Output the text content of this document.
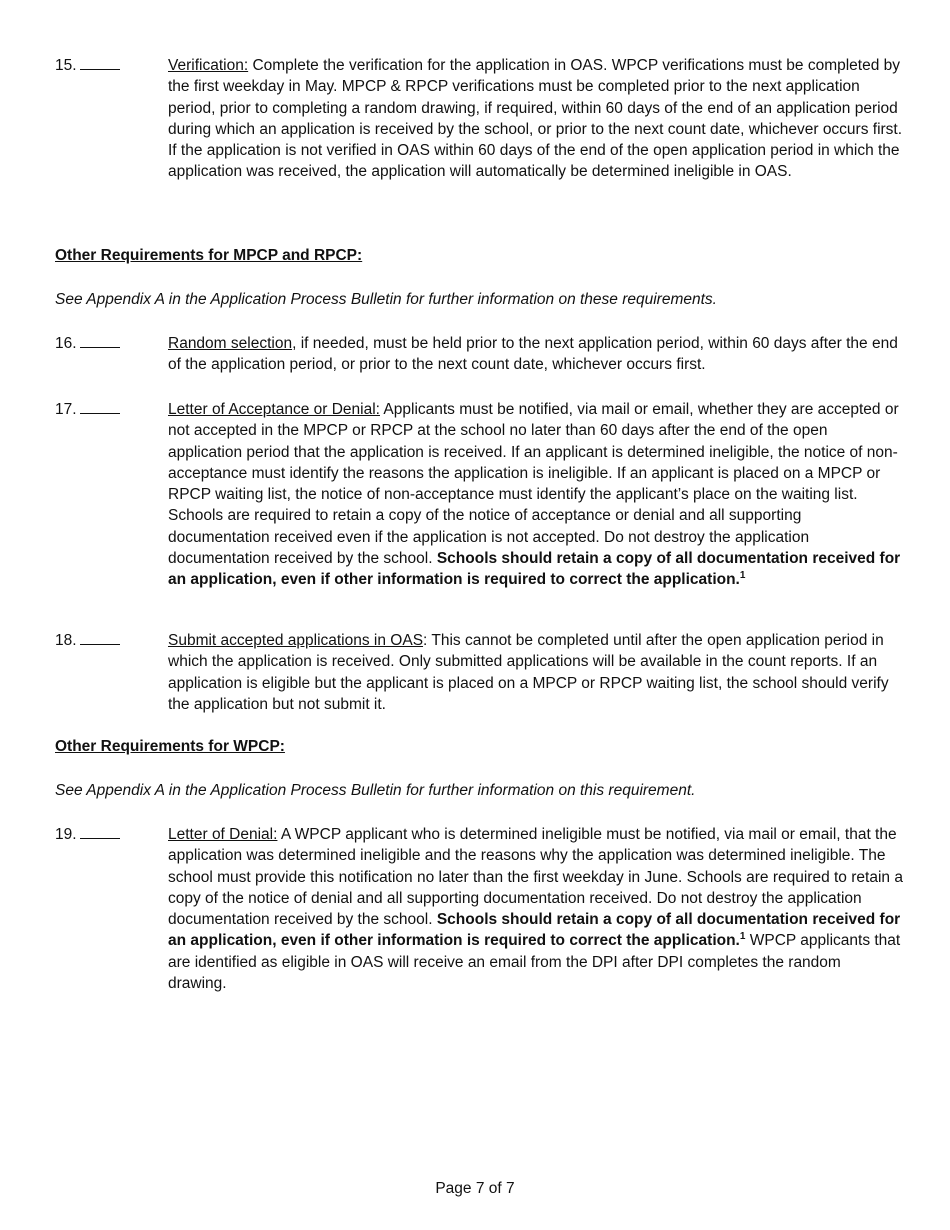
15.	Verification: Complete the verification for the application in OAS. WPCP verifications must be completed by the first weekday in May. MPCP & RPCP verifications must be completed prior to the next application period, prior to completing a random drawing, if required, within 60 days of the end of an application period during which an application is received by the school, or prior to the next count date, whichever occurs first. If the application is not verified in OAS within 60 days of the end of the open application period in which the application was received, the application will automatically be determined ineligible in OAS.
Other Requirements for MPCP and RPCP:
See Appendix A in the Application Process Bulletin for further information on these requirements.
16.	Random selection, if needed, must be held prior to the next application period, within 60 days after the end of the application period, or prior to the next count date, whichever occurs first.
17.	Letter of Acceptance or Denial: Applicants must be notified, via mail or email, whether they are accepted or not accepted in the MPCP or RPCP at the school no later than 60 days after the end of the open application period that the application is received. If an applicant is determined ineligible, the notice of non-acceptance must identify the reasons the application is ineligible. If an applicant is placed on a MPCP or RPCP waiting list, the notice of non-acceptance must identify the applicant’s place on the waiting list. Schools are required to retain a copy of the notice of acceptance or denial and all supporting documentation received even if the application is not accepted. Do not destroy the application documentation received by the school. Schools should retain a copy of all documentation received for an application, even if other information is required to correct the application.$^1$
18.	Submit accepted applications in OAS: This cannot be completed until after the open application period in which the application is received. Only submitted applications will be available in the count reports. If an application is eligible but the applicant is placed on a MPCP or RPCP waiting list, the school should verify the application but not submit it.
Other Requirements for WPCP:
See Appendix A in the Application Process Bulletin for further information on this requirement.
19.	Letter of Denial: A WPCP applicant who is determined ineligible must be notified, via mail or email, that the application was determined ineligible and the reasons why the application was determined ineligible. The school must provide this notification no later than the first weekday in June. Schools are required to retain a copy of the notice of denial and all supporting documentation received. Do not destroy the application documentation received by the school. Schools should retain a copy of all documentation received for an application, even if other information is required to correct the application.$^1$ WPCP applicants that are identified as eligible in OAS will receive an email from the DPI after DPI completes the random drawing.
Page 7 of 7
